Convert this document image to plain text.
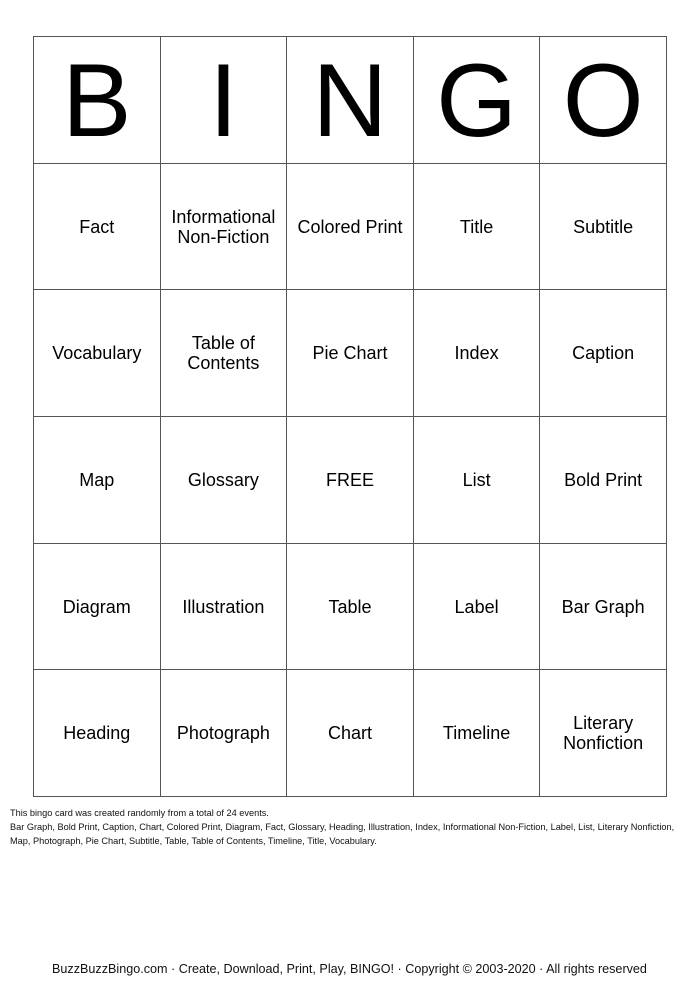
B	I	N	G	O
Fact	Informational Non-Fiction	Colored Print	Title	Subtitle
Vocabulary	Table of Contents	Pie Chart	Index	Caption
Map	Glossary	FREE	List	Bold Print
Diagram	Illustration	Table	Label	Bar Graph
Heading	Photograph	Chart	Timeline	Literary Nonfiction
This bingo card was created randomly from a total of 24 events.
Bar Graph, Bold Print, Caption, Chart, Colored Print, Diagram, Fact, Glossary, Heading, Illustration, Index, Informational Non-Fiction, Label, List, Literary Nonfiction, Map, Photograph, Pie Chart, Subtitle, Table, Table of Contents, Timeline, Title, Vocabulary.
BuzzBuzzBingo.com · Create, Download, Print, Play, BINGO! · Copyright © 2003-2020 · All rights reserved
